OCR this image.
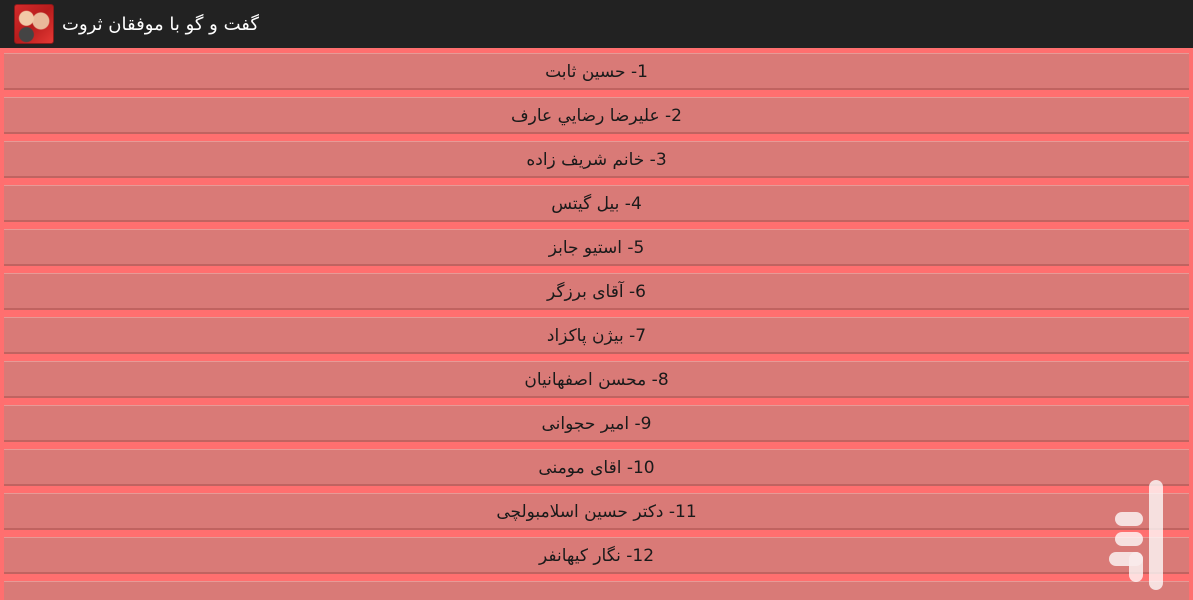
گفت و گو با موفقان ثروت
1- حسین ثابت
2- عليرضا رضايي عارف
3- خانم شریف زاده
4- بیل گیتس
5- استیو جابز
6- آقای برزگر
7- بیژن پاکزاد
8- محسن اصفهانیان
9- امیر حجوانی
10- اقای مومنی
11- دکتر حسین اسلامبولچی
12- نگار کیهانفر
